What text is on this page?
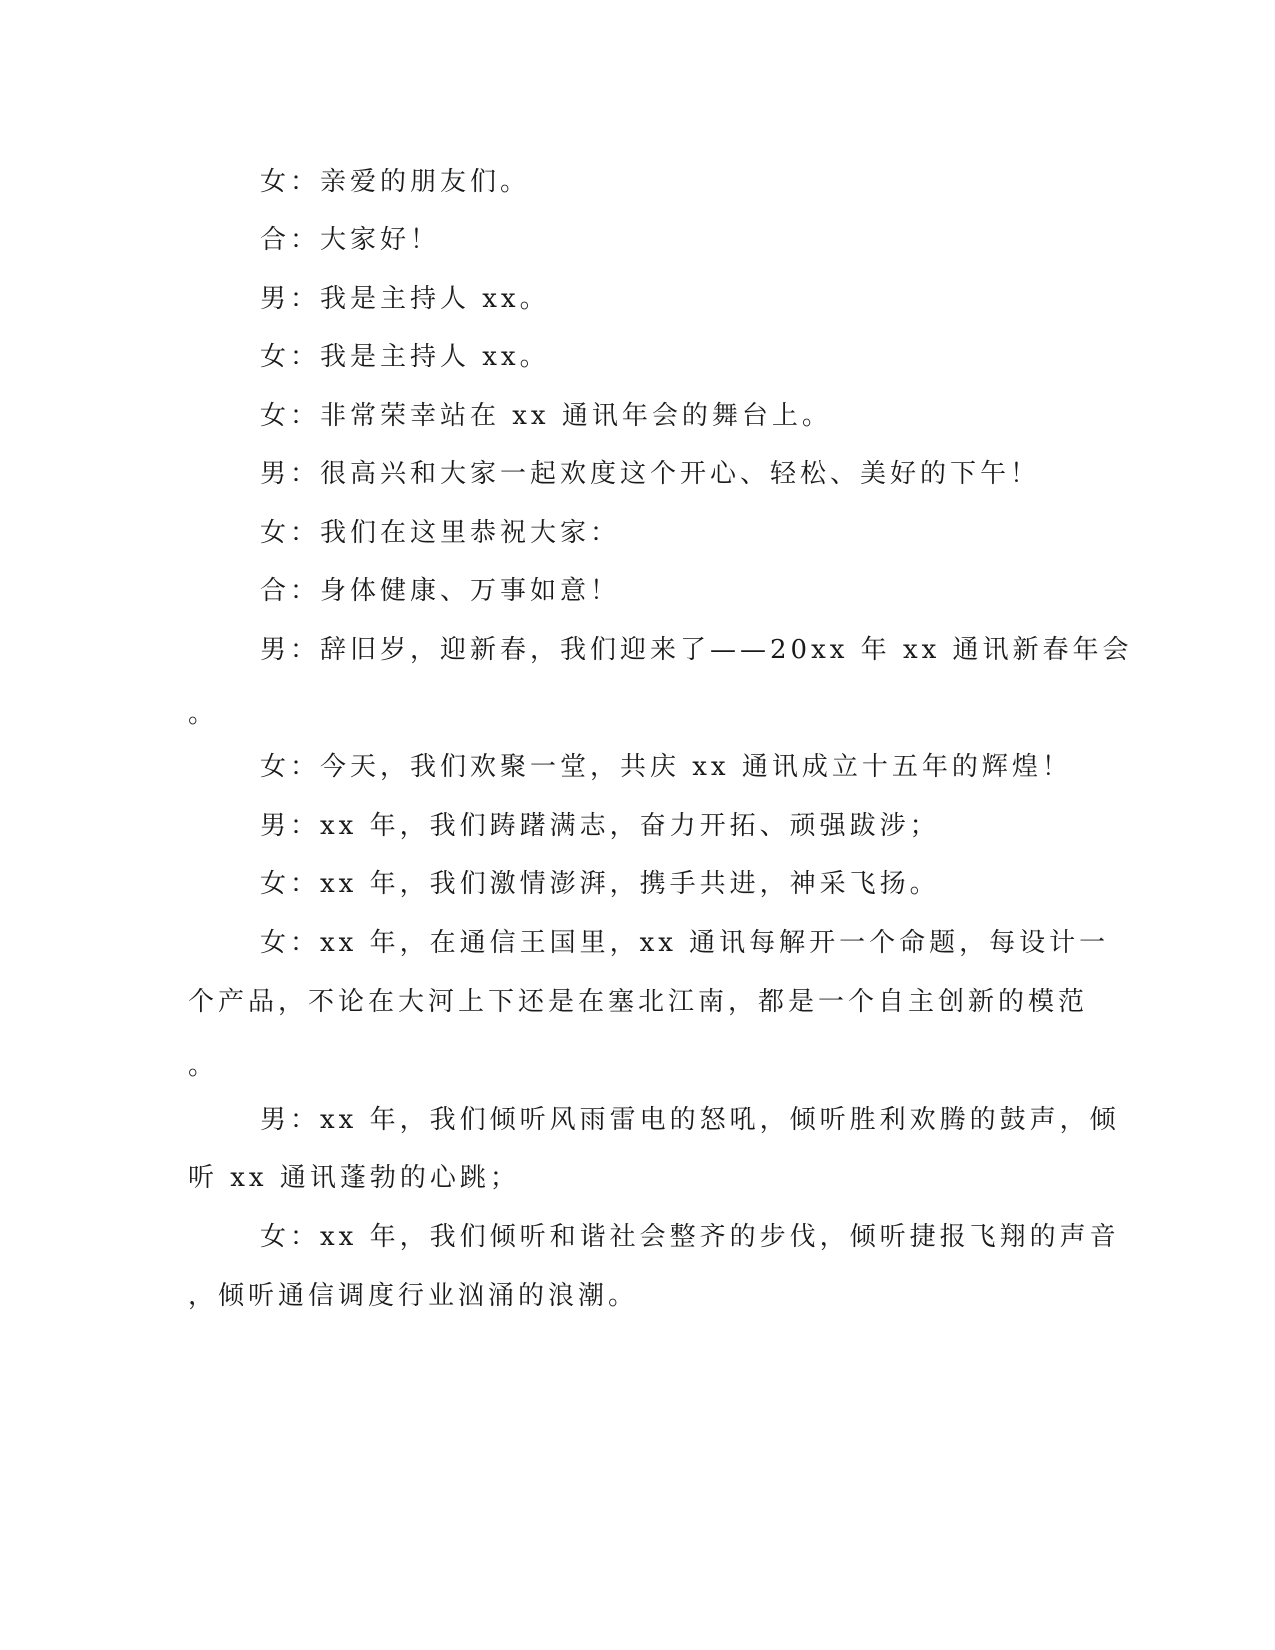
女：亲爱的朋友们。
合：大家好！
男：我是主持人 xx。
女：我是主持人 xx。
女：非常荣幸站在 xx 通讯年会的舞台上。
男：很高兴和大家一起欢度这个开心、轻松、美好的下午！
女：我们在这里恭祝大家：
合：身体健康、万事如意！
男：辞旧岁，迎新春，我们迎来了——20xx 年 xx 通讯新春年会
。
女：今天，我们欢聚一堂，共庆 xx 通讯成立十五年的辉煌！
男：xx 年，我们踌躇满志，奋力开拓、顽强跋涉；
女：xx 年，我们激情澎湃，携手共进，神采飞扬。
女：xx 年，在通信王国里，xx 通讯每解开一个命题，每设计一
个产品，不论在大河上下还是在塞北江南，都是一个自主创新的模范
。
男：xx 年，我们倾听风雨雷电的怒吼，倾听胜利欢腾的鼓声，倾
听 xx 通讯蓬勃的心跳；
女：xx 年，我们倾听和谐社会整齐的步伐，倾听捷报飞翔的声音
，倾听通信调度行业汹涌的浪潮。
